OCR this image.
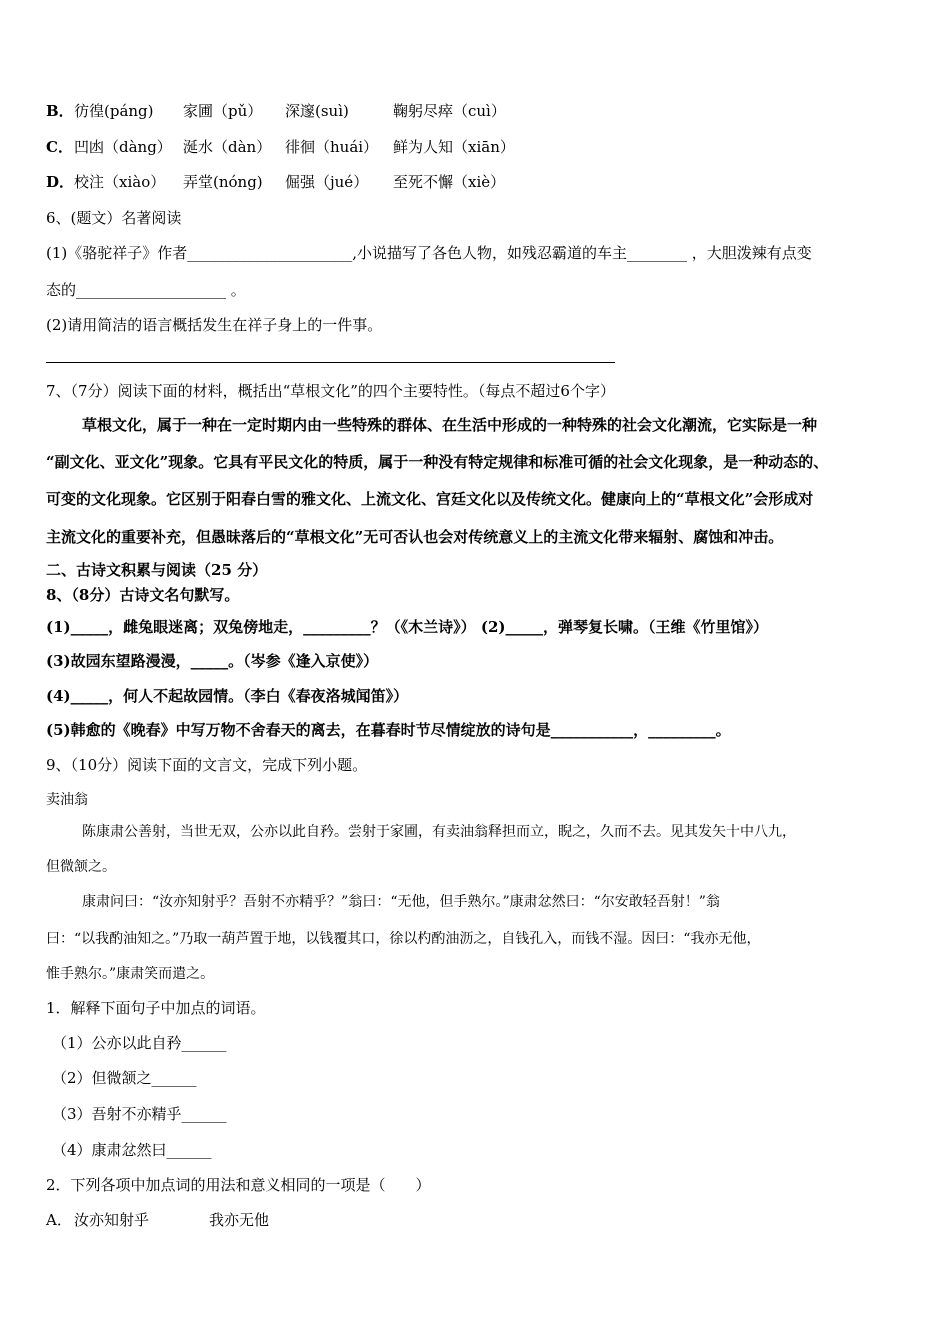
B． 彷徨(páng) 家圃（pǔ） 深邃(suì)	鞠躬尽瘁（cuì）
C． 凹凼（dàng） 涎水（dàn） 徘徊（huái） 鲜为人知（xiān）
D． 校注（xiào） 弄堂(nóng) 倔强（jué） 至死不懈（xiè）
6、(题文）名著阅读
(1)《骆驼祥子》作者______________________,小说描写了各色人物，如残忍霸道的车主________ ，大胆泼辣有点变
态的____________________ 。
(2)请用简洁的语言概括发生在祥子身上的一件事。
7、（7分）阅读下面的材料，概括出“草根文化”的四个主要特性。（每点不超过6个字）
草根文化，属于一种在一定时期内由一些特殊的群体、在生活中形成的一种特殊的社会文化潮流，它实际是一种
“副文化、亚文化”现象。它具有平民文化的特质，属于一种没有特定规律和标准可循的社会文化现象，是一种动态的、
可变的文化现象。它区别于阳春白雪的雅文化、上流文化、宫廷文化以及传统文化。健康向上的“草根文化”会形成对
主流文化的重要补充，但愚昧落后的“草根文化”无可否认也会对传统意义上的主流文化带来辐射、腐蚀和冲击。
二、古诗文积累与阅读（25 分）
8、（8分）古诗文名句默写。
(1)_____，雌兔眼迷离；双兔傍地走，_________？（《木兰诗》） (2)_____，弹琴复长啸。（王维《竹里馆》）
(3)故园东望路漫漫，_____。（岑参《逢入京使》）
(4)_____，何人不起故园情。（李白《春夜洛城闻笛》）
(5)韩愈的《晚春》中写万物不舍春天的离去，在暮春时节尽情绽放的诗句是___________，_________。
9、（10分）阅读下面的文言文，完成下列小题。
卖油翁
陈康肃公善射，当世无双，公亦以此自矜。尝射于家圃，有卖油翁释担而立，睨之，久而不去。见其发矢十中八九，
但微颔之。
康肃问曰：“汝亦知射乎？吾射不亦精乎？”翁曰：“无他，但手熟尔。”康肃忿然曰：“尔安敢轻吾射！”翁
曰：“以我酌油知之。”乃取一葫芦置于地，以钱覆其口，徐以杓酌油沥之，自钱孔入，而钱不湿。因曰：“我亦无他，
惟手熟尔。”康肃笑而遣之。
1．解释下面句子中加点的词语。
（1）公亦以此自矜______
（2）但微颔之______
（3）吾射不亦精乎______
（4）康肃忿然曰______
2．下列各项中加点词的用法和意义相同的一项是（　　）
A． 汝亦知射乎	我亦无他
